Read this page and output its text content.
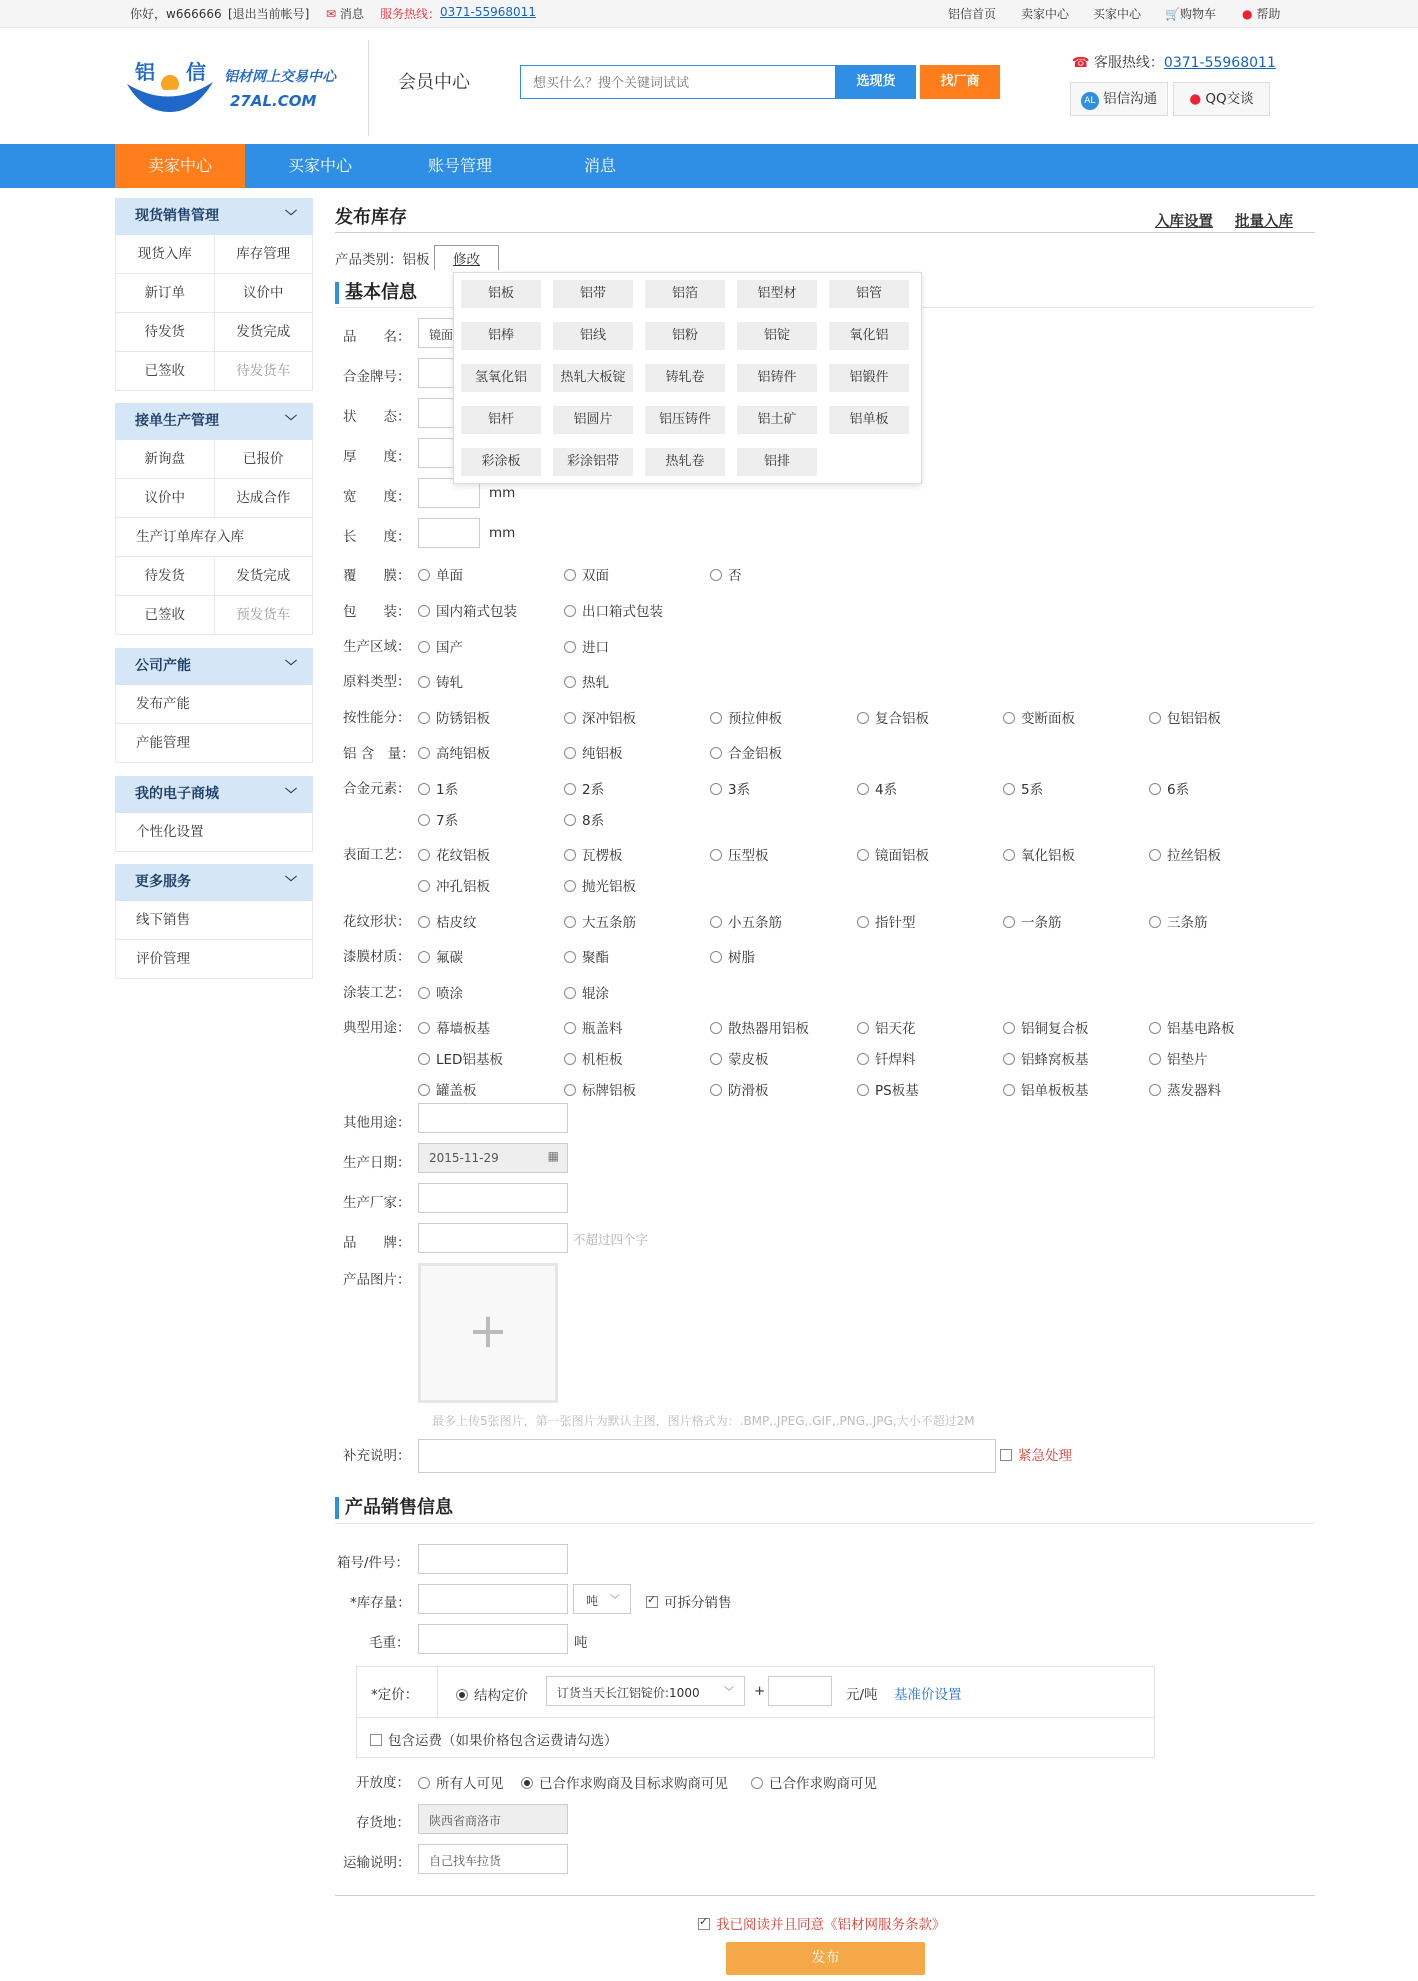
你好，w666666 [退出当前帐号] ✉ 消息 服务热线： 0371-55968011	铝信首页 卖家中心 买家中心 🛒购物车 ● 帮助
铝 信 铝材网上交易中心
27AL.COM
会员中心
想买什么？搜个关键词试试	选现货	找厂商
☎ 客服热线：0371-55968011
AL 铝信沟通	● QQ交谈
卖家中心	买家中心	账号管理	消息
现货销售管理	﹀
现货入库	库存管理
新订单	议价中
待发货	发货完成
已签收	待发货车
接单生产管理	﹀
新询盘	已报价
议价中	达成合作
生产订单库存入库
待发货	发货完成
已签收	预发货车
公司产能	﹀
发布产能
产能管理
我的电子商城	﹀
个性化设置
更多服务	﹀
线下销售
评价管理
发布库存	入库设置 批量入库
产品类别：铝板	修改
基本信息
品　　名：	镜面
合金牌号：
状　　态：
厚　　度：
宽　　度：	mm
长　　度：	mm
铝板	铝带	铝箔	铝型材	铝管
铝棒	铝线	铝粉	铝锭	氧化铝
氢氧化铝	热轧大板锭	铸轧卷	铝铸件	铝锻件
铝杆	铝圆片	铝压铸件	铝土矿	铝单板
彩涂板	彩涂铝带	热轧卷	铝排
覆　　膜：	单面	双面	否
包　　装：	国内箱式包装	出口箱式包装
生产区域：	国产	进口
原料类型：	铸轧	热轧
按性能分：	防锈铝板	深冲铝板	预拉伸板	复合铝板	变断面板	包铝铝板
铝 含　量：	高纯铝板	纯铝板	合金铝板
合金元素：	1系	2系	3系	4系	5系	6系
7系	8系
表面工艺：	花纹铝板	瓦楞板	压型板	镜面铝板	氧化铝板	拉丝铝板
冲孔铝板	抛光铝板
花纹形状：	桔皮纹	大五条筋	小五条筋	指针型	一条筋	三条筋
漆膜材质：	氟碳	聚酯	树脂
涂装工艺：	喷涂	辊涂
典型用途：	幕墙板基	瓶盖料	散热器用铝板	铝天花	铝铜复合板	铝基电路板
LED铝基板	机柜板	蒙皮板	钎焊料	铝蜂窝板基	铝垫片
罐盖板	标牌铝板	防滑板	PS板基	铝单板板基	蒸发器料
其他用途：
生产日期：	2015-11-29	▦
生产厂家：
品　　牌：	不超过四个字
产品图片：
+
最多上传5张图片，第一张图片为默认主图，图片格式为：.BMP,.JPEG,.GIF,.PNG,.JPG,大小不超过2M
补充说明：	紧急处理
产品销售信息
箱号/件号：
*库存量：	吨 ﹀
✓	可拆分销售
毛重：	吨
*定价：	结构定价	订货当天长江铝锭价:1000 ﹀ +	元/吨 基准价设置
包含运费（如果价格包含运费请勾选）
开放度：	所有人可见	已合作求购商及目标求购商可见	已合作求购商可见
存货地：	陕西省商洛市
运输说明：	自己找车拉货
✓我已阅读并且同意《铝材网服务条款》
发布
